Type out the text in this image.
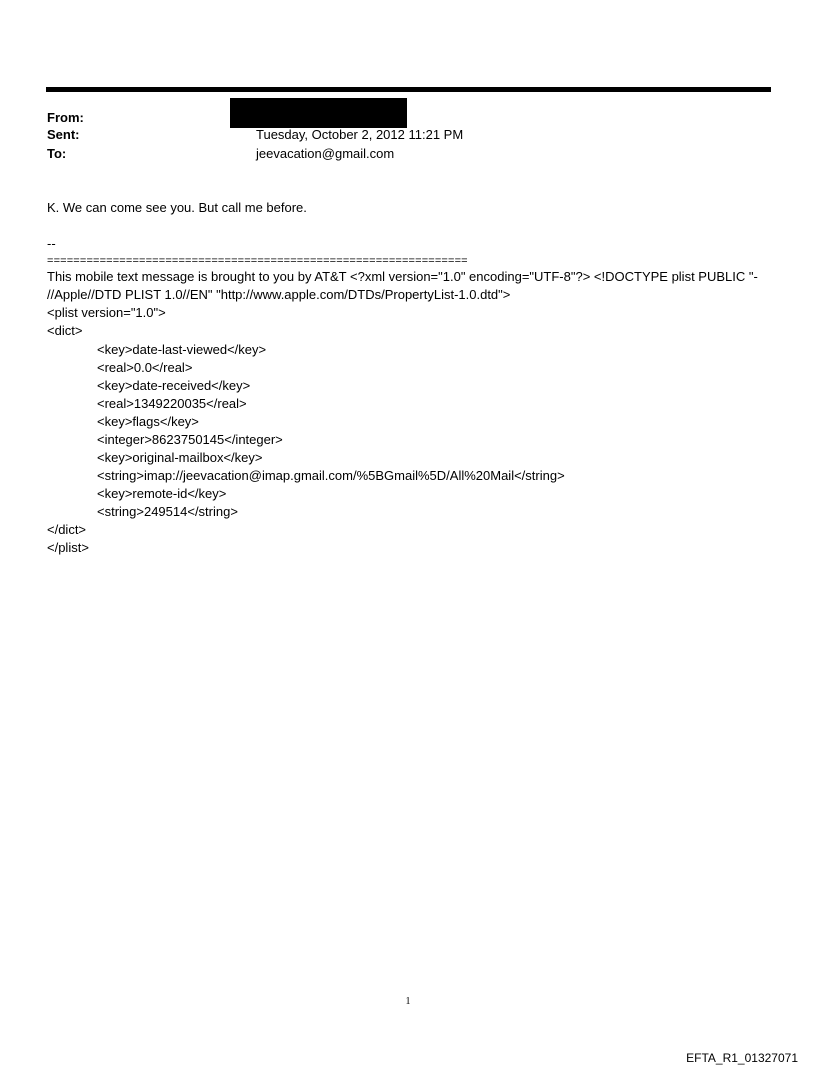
From:
Sent:	Tuesday, October 2, 2012 11:21 PM
To:	jeevacation@gmail.com
K. We can come see you. But call me before.
--
================================================================
This mobile text message is brought to you by AT&T <?xml version="1.0" encoding="UTF-8"?> <!DOCTYPE plist PUBLIC "-
//Apple//DTD PLIST 1.0//EN" "http://www.apple.com/DTDs/PropertyList-1.0.dtd">
<plist version="1.0">
<dict>
<key>date-last-viewed</key>
<real>0.0</real>
<key>date-received</key>
<real>1349220035</real>
<key>flags</key>
<integer>8623750145</integer>
<key>original-mailbox</key>
<string>imap://jeevacation@imap.gmail.com/%5BGmail%5D/All%20Mail</string>
<key>remote-id</key>
<string>249514</string>
</dict>
</plist>
1
EFTA_R1_01327071
